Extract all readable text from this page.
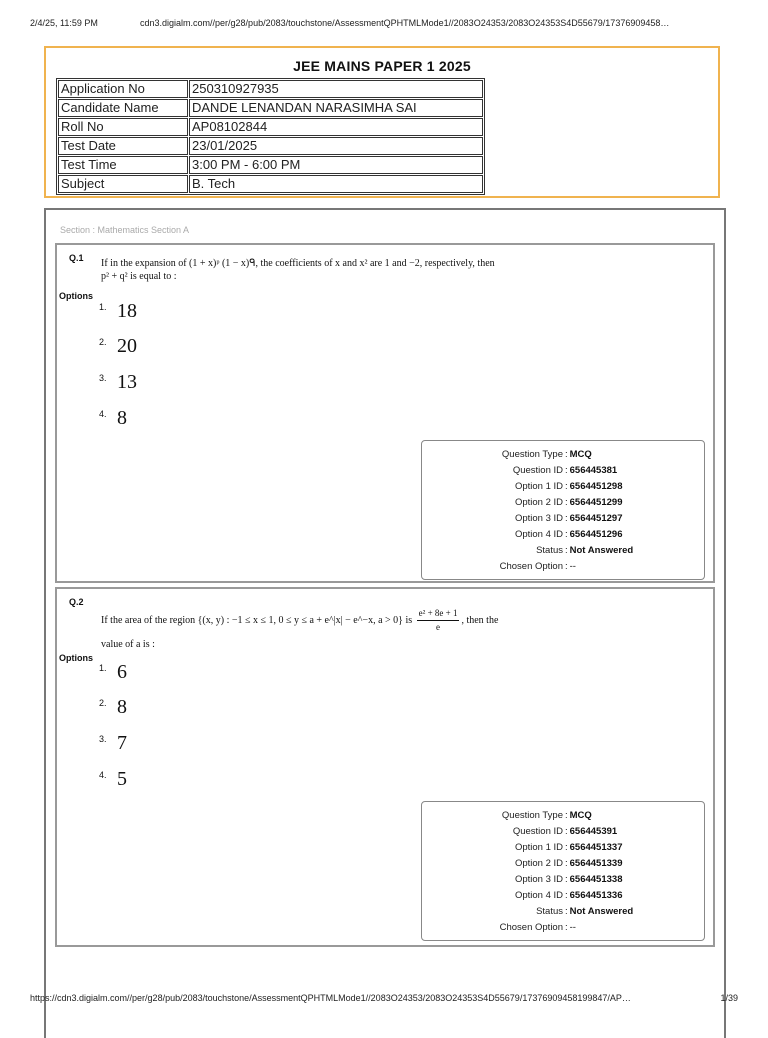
2/4/25, 11:59 PM	cdn3.digialm.com//per/g28/pub/2083/touchstone/AssessmentQPHTMLMode1//2083O24353/2083O24353S4D55679/17376909458…
JEE MAINS PAPER 1 2025
Application No	250310927935
Candidate Name	DANDE LENANDAN NARASIMHA SAI
Roll No	AP08102844
Test Date	23/01/2025
Test Time	3:00 PM - 6:00 PM
Subject	B. Tech
Section : Mathematics Section A
Q.1 If in the expansion of (1 + x)ᵖ (1 − x)ᑫ, the coefficients of x and x² are 1 and −2, respectively, then
p² + q² is equal to :
Options
1. 18
2. 20
3. 13
4. 8
Question Type : MCQ
Question ID : 656445381
Option 1 ID : 6564451298
Option 2 ID : 6564451299
Option 3 ID : 6564451297
Option 4 ID : 6564451296
Status : Not Answered
Chosen Option : --
Q.2
If the area of the region {(x, y) : −1 ≤ x ≤ 1, 0 ≤ y ≤ a + e^|x| − e^−x, a > 0} is $\frac{\text{e² + 8e + 1}}{e}$ , then the
value of a is :
Options
1. 6
2. 8
3. 7
4. 5
Question Type : MCQ
Question ID : 656445391
Option 1 ID : 6564451337
Option 2 ID : 6564451339
Option 3 ID : 6564451338
Option 4 ID : 6564451336
Status : Not Answered
Chosen Option : --
https://cdn3.digialm.com//per/g28/pub/2083/touchstone/AssessmentQPHTMLMode1//2083O24353/2083O24353S4D55679/17376909458199847/AP…	1/39
